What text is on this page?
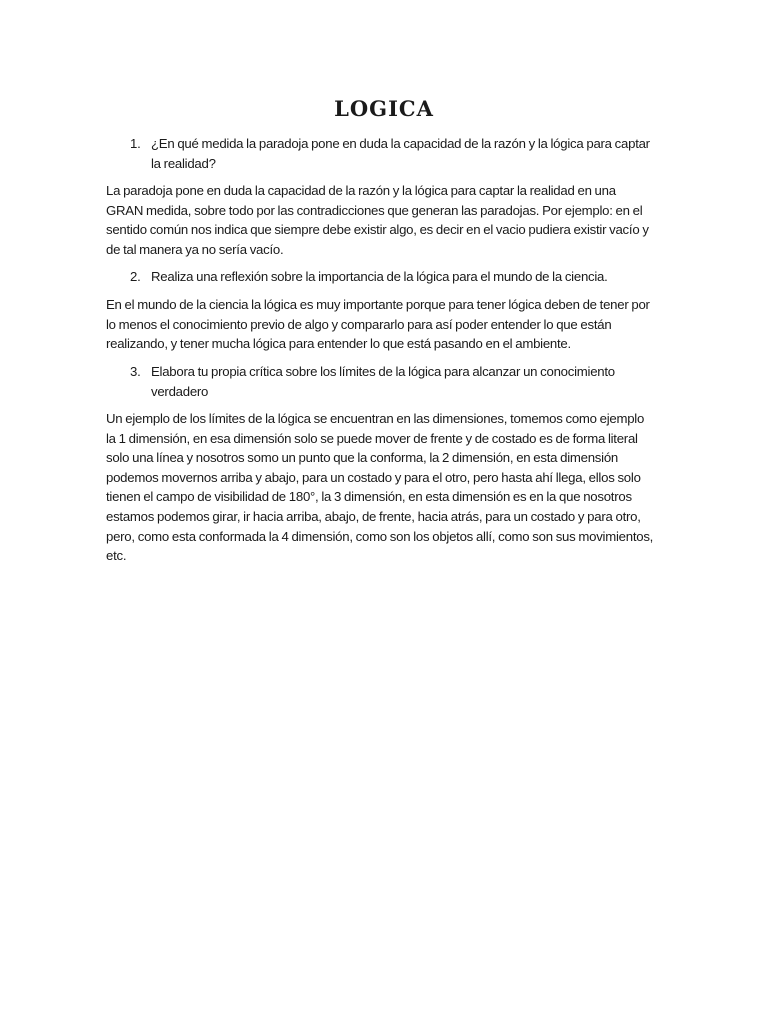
LOGICA
1. ¿En qué medida la paradoja pone en duda la capacidad de la razón y la lógica para captar
la realidad?
La paradoja pone en duda la capacidad de la razón y la lógica para captar la realidad en una
GRAN medida, sobre todo por las contradicciones que generan las paradojas. Por ejemplo: en el
sentido común nos indica que siempre debe existir algo, es decir en el vacio pudiera existir vacío y
de tal manera ya no sería vacío.
2. Realiza una reflexión sobre la importancia de la lógica para el mundo de la ciencia.
En el mundo de la ciencia la lógica es muy importante porque para tener lógica deben de tener por
lo menos el conocimiento previo de algo y compararlo para así poder entender lo que están
realizando, y tener mucha lógica para entender lo que está pasando en el ambiente.
3. Elabora tu propia crítica sobre los límites de la lógica para alcanzar un conocimiento
verdadero
Un ejemplo de los límites de la lógica se encuentran en las dimensiones, tomemos como ejemplo
la 1 dimensión, en esa dimensión solo se puede mover de frente y de costado es de forma literal
solo una línea y nosotros somo un punto que la conforma, la 2 dimensión, en esta dimensión
podemos movernos arriba y abajo, para un costado y para el otro, pero hasta ahí llega, ellos solo
tienen el campo de visibilidad de 180°, la 3 dimensión, en esta dimensión es en la que nosotros
estamos podemos girar, ir hacia arriba, abajo, de frente, hacia atrás, para un costado y para otro,
pero, como esta conformada la 4 dimensión, como son los objetos allí, como son sus movimientos,
etc.
